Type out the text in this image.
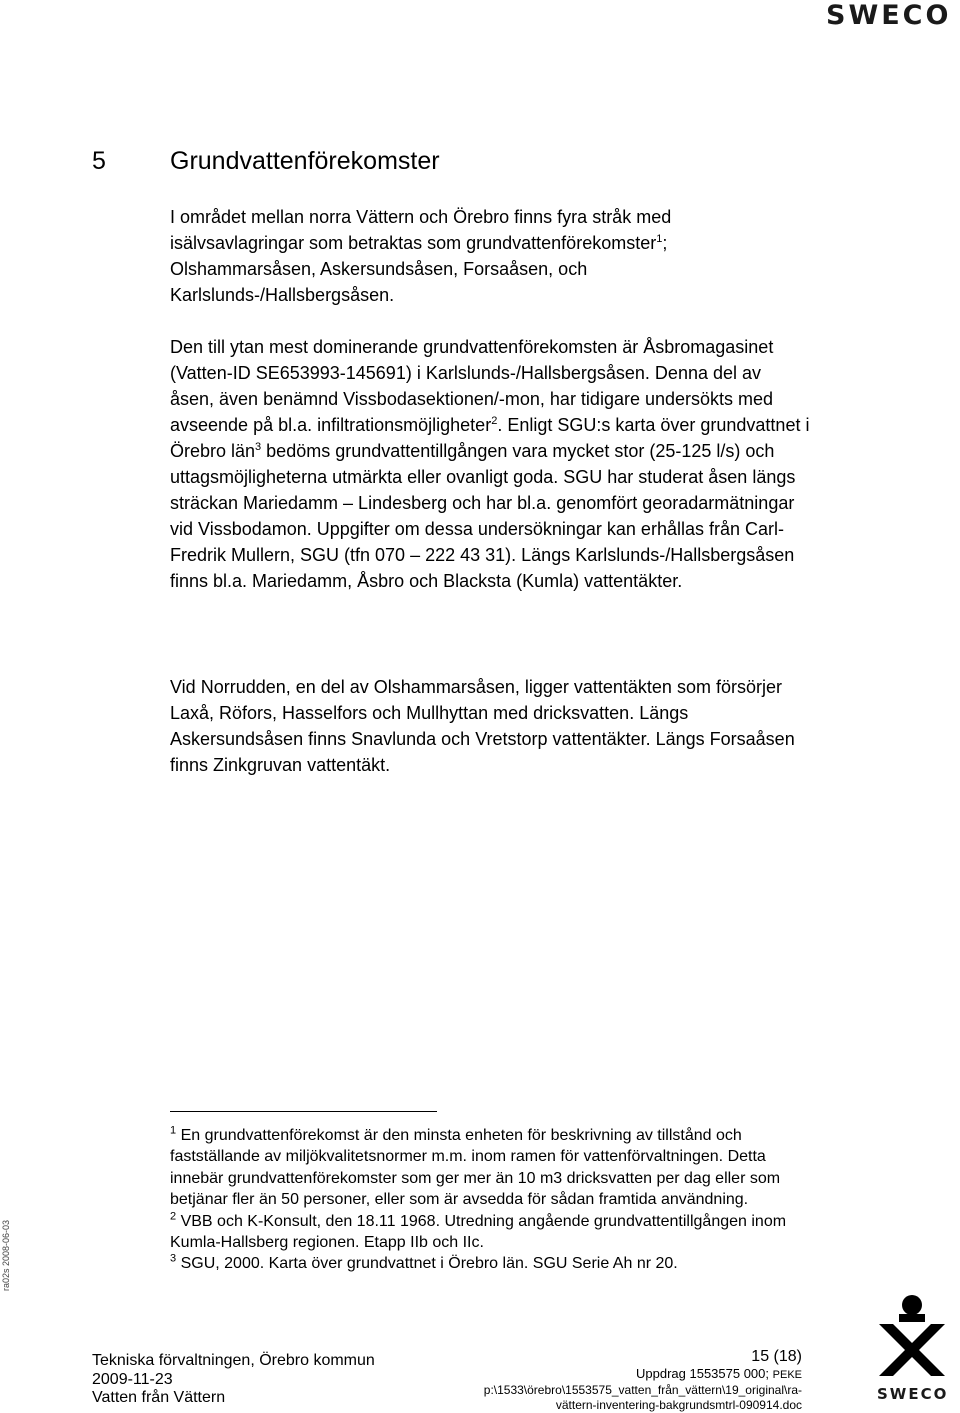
SWECO
5	Grundvattenförekomster

I området mellan norra Vättern och Örebro finns fyra stråk med isälvsavlagringar som betraktas som grundvattenförekomster$^1$; Olshammarsåsen, Askersundsåsen, Forsaåsen, och Karlslunds-/Hallsbergsåsen.

Den till ytan mest dominerande grundvattenförekomsten är Åsbromagasinet (Vatten-ID SE653993-145691) i Karlslunds-/Hallsbergsåsen. Denna del av åsen, även benämnd Vissbodasektionen/-mon, har tidigare undersökts med avseende på bl.a. infiltrationsmöjligheter$^2$. Enligt SGU:s karta över grundvattnet i Örebro län$^3$ bedöms grundvattentillgången vara mycket stor (25-125 l/s) och uttagsmöjligheterna utmärkta eller ovanligt goda. SGU har studerat åsen längs sträckan Mariedamm – Lindesberg och har bl.a. genomfört georadarmätningar vid Vissbodamon. Uppgifter om dessa undersökningar kan erhållas från Carl-Fredrik Mullern, SGU (tfn 070 – 222 43 31). Längs Karlslunds-/Hallsbergsåsen finns bl.a. Mariedamm, Åsbro och Blacksta (Kumla) vattentäkter.

Vid Norrudden, en del av Olshammarsåsen, ligger vattentäkten som försörjer Laxå, Röfors, Hasselfors och Mullhyttan med dricksvatten. Längs Askersundsåsen finns Snavlunda och Vretstorp vattentäkter. Längs Forsaåsen finns Zinkgruvan vattentäkt.

$^1$ En grundvattenförekomst är den minsta enheten för beskrivning av tillstånd och fastställande av miljökvalitetsnormer m.m. inom ramen för vattenförvaltningen. Detta innebär grundvattenförekomster som ger mer än 10 m3 dricksvatten per dag eller som betjänar fler än 50 personer, eller som är avsedda för sådan framtida användning.

$^2$ VBB och K-Konsult, den 18.11 1968. Utredning angående grundvattentillgången inom Kumla-Hallsberg regionen. Etapp IIb och IIc.

$^3$ SGU, 2000. Karta över grundvattnet i Örebro län. SGU Serie Ah nr 20.

ra02s 2008-06-03
Tekniska förvaltningen, Örebro kommun
2009-11-23
Vatten från Vättern
15 (18)
Uppdrag 1553575 000; PEKE
p:\1533\örebro\1553575_vatten_från_vättern\19_original\ra-
vättern-inventering-bakgrundsmtrl-090914.doc
SWECO
